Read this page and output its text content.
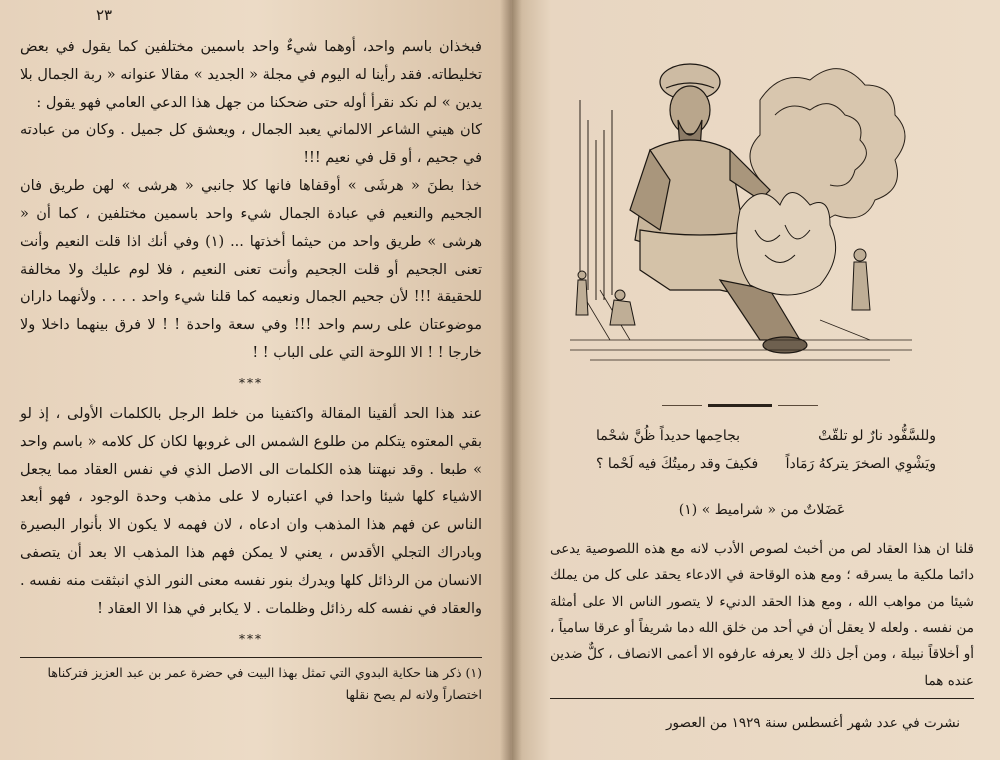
٢٣

فبخذان باسم واحد، أوهما شيءٌ واحد باسمين مختلفين كما يقول في بعض تخليطاته. فقد رأينا له اليوم في مجلة « الجديد » مقالا عنوانه « ربة الجمال بلا يدين » لم نكد نقرأ أوله حتى ضحكنا من جهل هذا الدعي العامي فهو يقول :

كان هيني الشاعر الالماني يعبد الجمال ، ويعشق كل جميل . وكان من عبادته في جحيم ، أو قل في نعيم !!!

خذا بطنَ « هرشَى » أوقفاها فانها كلا جانبي « هرشى » لهن طريق فان الجحيم والنعيم في عبادة الجمال شيء واحد باسمين مختلفين ، كما أن « هرشى » طريق واحد من حيثما أخذتها ... (١) وفي أنك اذا قلت النعيم وأنت تعنى الجحيم أو قلت الجحيم وأنت تعنى النعيم ، فلا لوم عليك ولا مخالفة للحقيقة !!! لأن جحيم الجمال ونعيمه كما قلنا شيء واحد . . . . ولأنهما داران موضوعتان على رسم واحد !!! وفي سعة واحدة ! ! لا فرق بينهما داخلا ولا خارجا ! ! الا اللوحة التي على الباب ! !

***

عند هذا الحد ألقينا المقالة واكتفينا من خلط الرجل بالكلمات الأولى ، إذ لو بقي المعتوه يتكلم من طلوع الشمس الى غروبها لكان كل كلامه « باسم واحد » طبعا . وقد نبهتنا هذه الكلمات الى الاصل الذي في نفس العقاد مما يجعل الاشياء كلها شيئا واحدا في اعتباره لا على مذهب وحدة الوجود ، فهو أبعد الناس عن فهم هذا المذهب وان ادعاه ، لان فهمه لا يكون الا بأنوار البصيرة وبادراك التجلي الأقدس ، يعني لا يمكن فهم هذا المذهب الا بعد أن يتصفى الانسان من الرذائل كلها ويدرك بنور نفسه معنى النور الذي انبثقت منه نفسه . والعقاد في نفسه كله رذائل وظلمات . لا يكابر في هذا الا العقاد !

***
(١) ذكر هنا حكاية البدوي التي تمثل بهذا البيت في حضرة عمر بن عبد العزيز فتركناها اختصاراً ولانه لم يصح نقلها
وللسَّفُّود نارٌ لو تلقّتْ
بجاحِمها حديداً ظُنَّ شحْما
ويَشْوِي الصخرَ يتركهُ رَمَاداً
فكيفَ وقد رميتُكَ فيه لَحْما ؟
عَضَلاتٌ من « شراميط » (١)
قلنا ان هذا العقاد لص من أخبث لصوص الأدب لانه مع هذه اللصوصية يدعى دائما ملكية ما يسرقه ؛ ومع هذه الوقاحة في الادعاء يحقد على كل من يملك شيئا من مواهب الله ، ومع هذا الحقد الدنيء لا يتصور الناس الا على أمثلة من نفسه . ولعله لا يعقل أن في أحد من خلق الله دما شريفاً أو عرقا سامياً ، أو أخلاقاً نبيلة ، ومن أجل ذلك لا يعرفه عارفوه الا أعمى الانصاف ، كلٌّ ضدين عنده هما
نشرت في عدد شهر أغسطس سنة ١٩٢٩ من العصور
